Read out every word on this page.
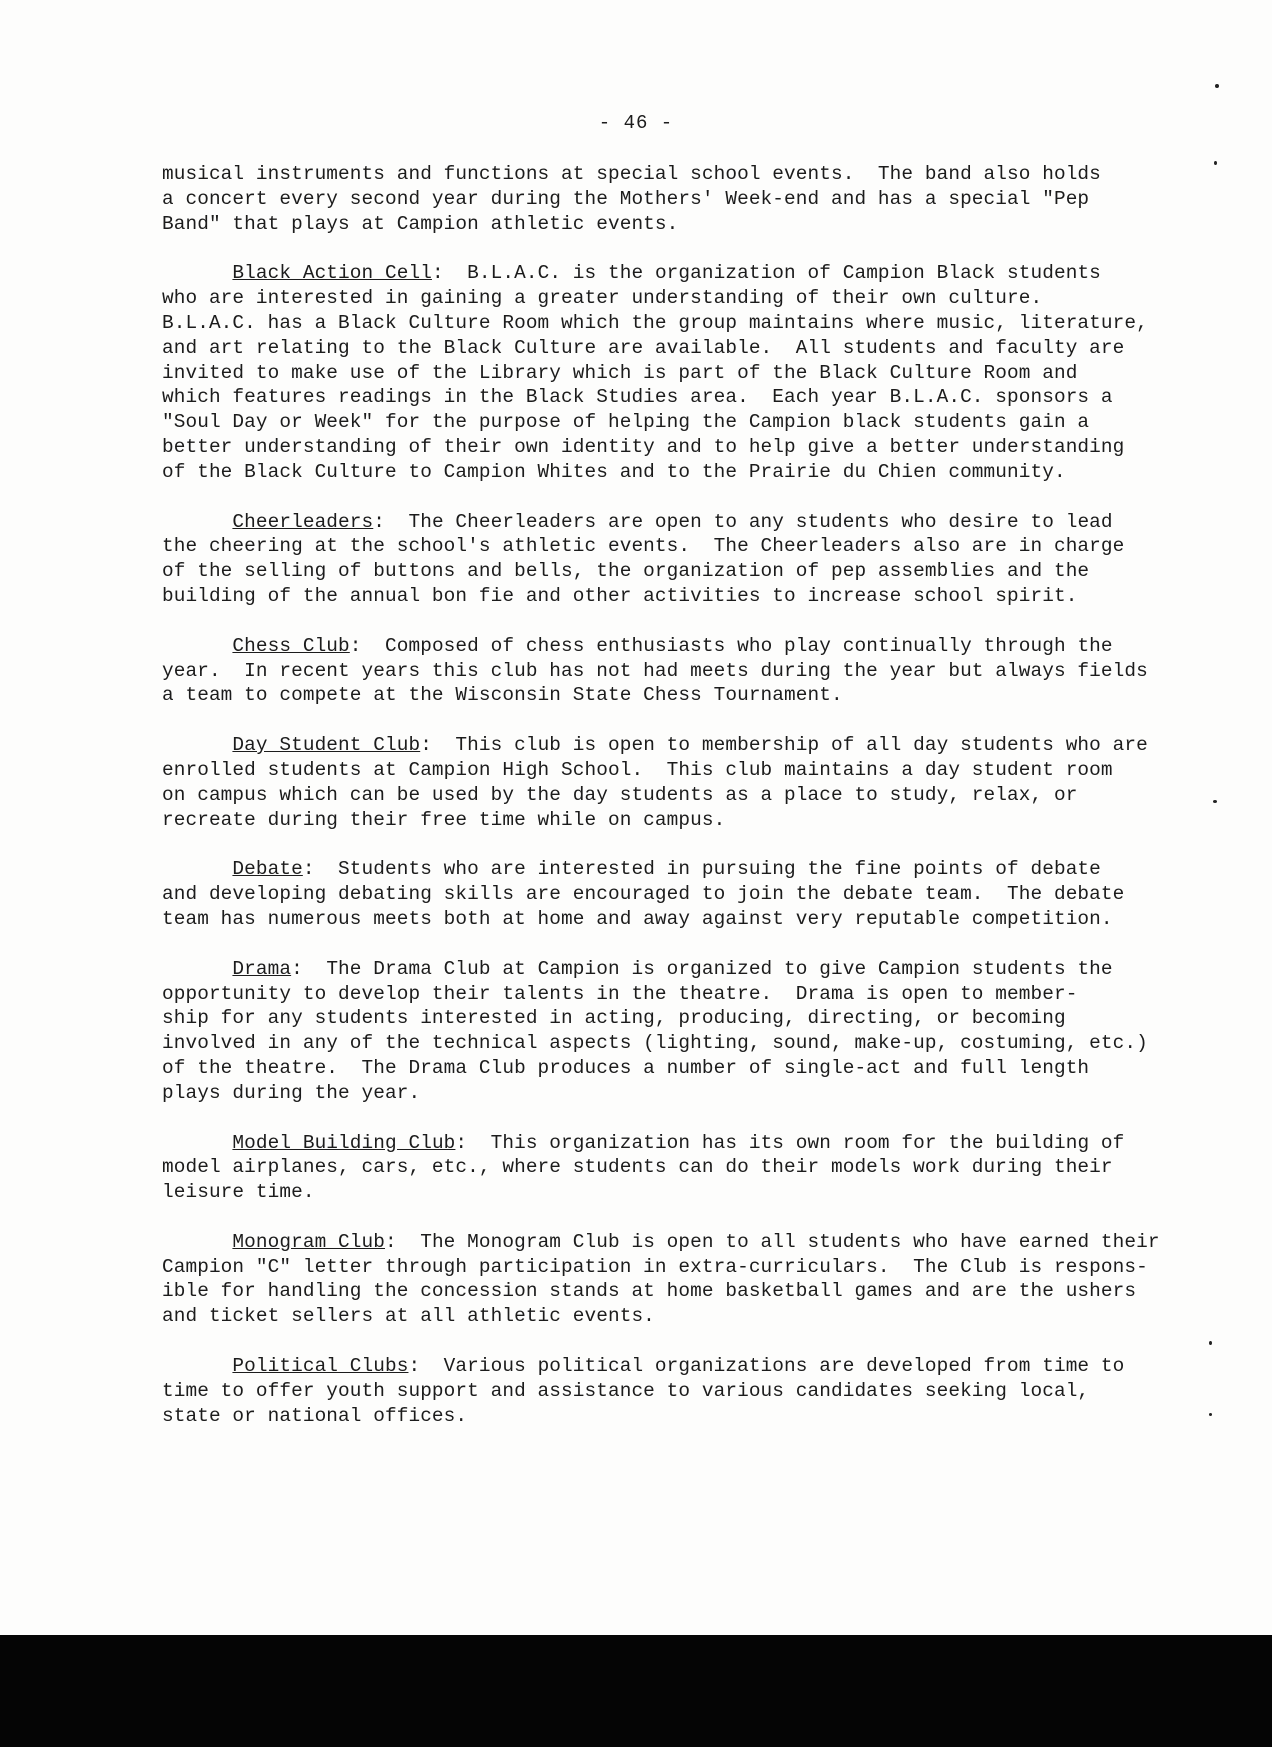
- 46 -

musical instruments and functions at special school events.  The band also holds
a concert every second year during the Mothers' Week-end and has a special "Pep
Band" that plays at Campion athletic events.

Black Action Cell:  B.L.A.C. is the organization of Campion Black students
who are interested in gaining a greater understanding of their own culture.
B.L.A.C. has a Black Culture Room which the group maintains where music, literature,
and art relating to the Black Culture are available.  All students and faculty are
invited to make use of the Library which is part of the Black Culture Room and
which features readings in the Black Studies area.  Each year B.L.A.C. sponsors a
"Soul Day or Week" for the purpose of helping the Campion black students gain a
better understanding of their own identity and to help give a better understanding
of the Black Culture to Campion Whites and to the Prairie du Chien community.

Cheerleaders:  The Cheerleaders are open to any students who desire to lead
the cheering at the school's athletic events.  The Cheerleaders also are in charge
of the selling of buttons and bells, the organization of pep assemblies and the
building of the annual bon fie and other activities to increase school spirit.

Chess Club:  Composed of chess enthusiasts who play continually through the
year.  In recent years this club has not had meets during the year but always fields
a team to compete at the Wisconsin State Chess Tournament.

Day Student Club:  This club is open to membership of all day students who are
enrolled students at Campion High School.  This club maintains a day student room
on campus which can be used by the day students as a place to study, relax, or
recreate during their free time while on campus.

Debate:  Students who are interested in pursuing the fine points of debate
and developing debating skills are encouraged to join the debate team.  The debate
team has numerous meets both at home and away against very reputable competition.

Drama:  The Drama Club at Campion is organized to give Campion students the
opportunity to develop their talents in the theatre.  Drama is open to member-
ship for any students interested in acting, producing, directing, or becoming
involved in any of the technical aspects (lighting, sound, make-up, costuming, etc.)
of the theatre.  The Drama Club produces a number of single-act and full length
plays during the year.

Model Building Club:  This organization has its own room for the building of
model airplanes, cars, etc., where students can do their models work during their
leisure time.

Monogram Club:  The Monogram Club is open to all students who have earned their
Campion "C" letter through participation in extra-curriculars.  The Club is respons-
ible for handling the concession stands at home basketball games and are the ushers
and ticket sellers at all athletic events.

Political Clubs:  Various political organizations are developed from time to
time to offer youth support and assistance to various candidates seeking local,
state or national offices.
